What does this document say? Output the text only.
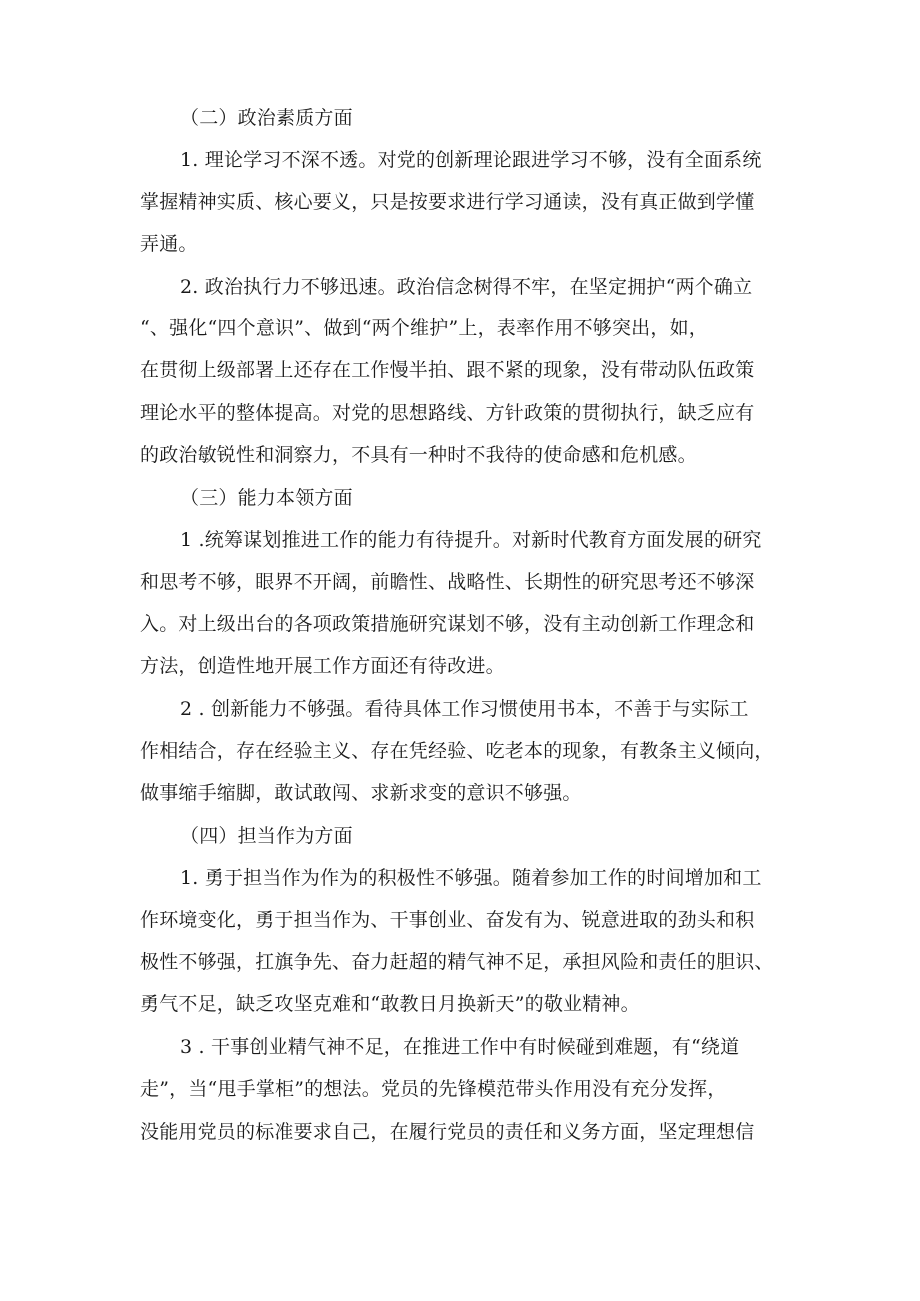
（二）政治素质方面
1. 理论学习不深不透。对党的创新理论跟进学习不够，没有全面系统
掌握精神实质、核心要义，只是按要求进行学习通读，没有真正做到学懂
弄通。
2. 政治执行力不够迅速。政治信念树得不牢，在坚定拥护“两个确立
“、强化“四个意识”、做到“两个维护”上，表率作用不够突出，如，
在贯彻上级部署上还存在工作慢半拍、跟不紧的现象，没有带动队伍政策
理论水平的整体提高。对党的思想路线、方针政策的贯彻执行，缺乏应有
的政治敏锐性和洞察力，不具有一种时不我待的使命感和危机感。
（三）能力本领方面
1 .统筹谋划推进工作的能力有待提升。对新时代教育方面发展的研究
和思考不够，眼界不开阔，前瞻性、战略性、长期性的研究思考还不够深
入。对上级出台的各项政策措施研究谋划不够，没有主动创新工作理念和
方法，创造性地开展工作方面还有待改进。
2 . 创新能力不够强。看待具体工作习惯使用书本，不善于与实际工
作相结合，存在经验主义、存在凭经验、吃老本的现象，有教条主义倾向，
做事缩手缩脚，敢试敢闯、求新求变的意识不够强。
（四）担当作为方面
1. 勇于担当作为作为的积极性不够强。随着参加工作的时间增加和工
作环境变化，勇于担当作为、干事创业、奋发有为、锐意进取的劲头和积
极性不够强，扛旗争先、奋力赶超的精气神不足，承担风险和责任的胆识、
勇气不足，缺乏攻坚克难和“敢教日月换新天”的敬业精神。
3 . 干事创业精气神不足，在推进工作中有时候碰到难题，有“绕道
走”，当“甩手掌柜”的想法。党员的先锋模范带头作用没有充分发挥，
没能用党员的标准要求自己，在履行党员的责任和义务方面，坚定理想信
